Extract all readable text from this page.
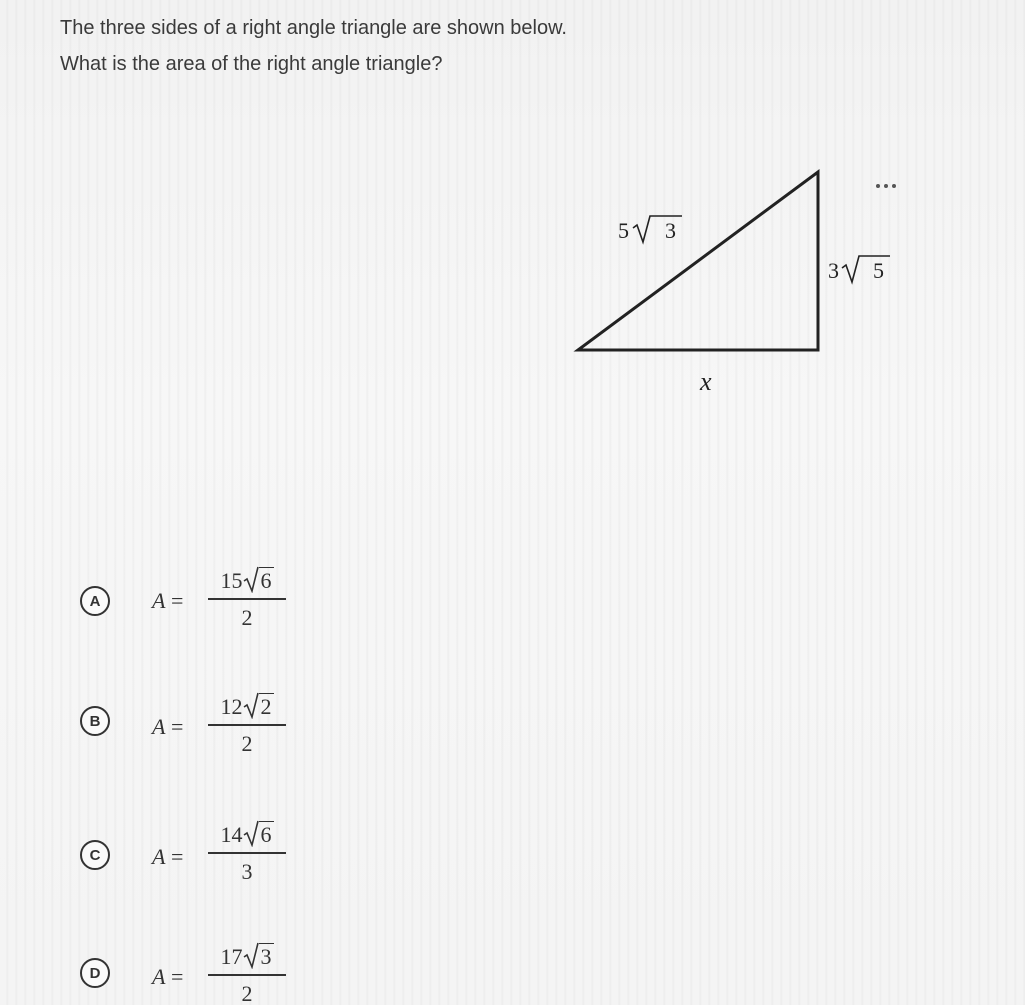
The three sides of a right angle triangle are shown below.
What is the area of the right angle triangle?
5 3
3 5
x
A	A =
15 6
2
B	A =
12 2
2
C	A =
14 6
3
D	A =
17 3
2
